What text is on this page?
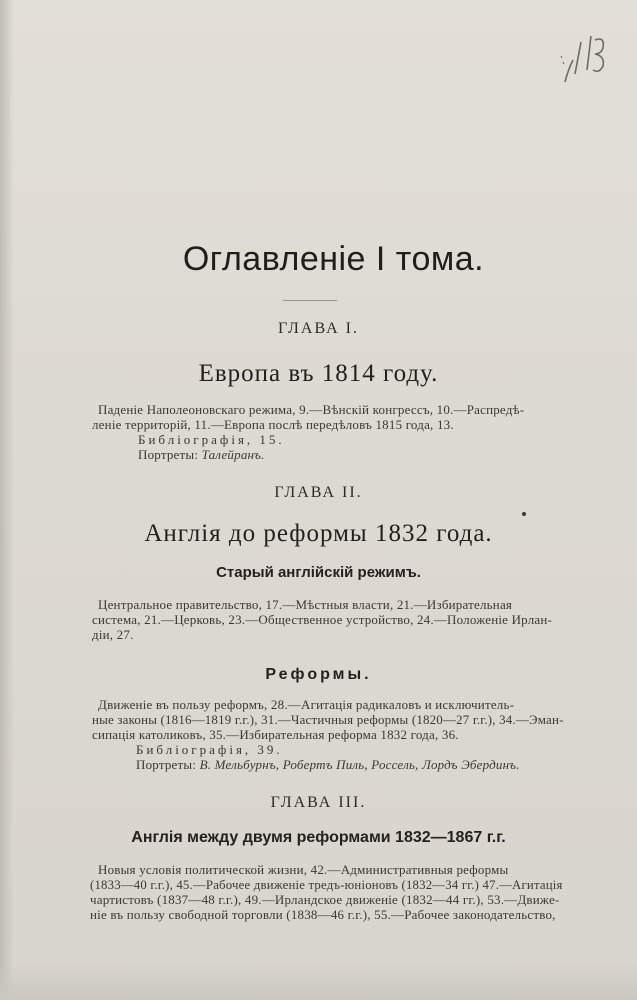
Оглавленіе I тома.
ГЛАВА I.
Европа въ 1814 году.
Паденіе Наполеоновскаго режима, 9.—Вѣнскій конгрессъ, 10.—Распредѣ-
леніе территорій, 11.—Европа послѣ передѣловъ 1815 года, 13.
Библіографія, 15.
Портреты: Талейранъ.
ГЛАВА II.
Англія до реформы 1832 года.
Старый англійскій режимъ.
Центральное правительство, 17.—Мѣстныя власти, 21.—Избирательная
система, 21.—Церковь, 23.—Общественное устройство, 24.—Положеніе Ирлан-
діи, 27.
Реформы.
Движеніе въ пользу реформъ, 28.—Агитація радикаловъ и исключитель-
ные законы (1816—1819 г.г.), 31.—Частичныя реформы (1820—27 г.г.), 34.—Эман-
сипація католиковъ, 35.—Избирательная реформа 1832 года, 36.
Библіографія, 39.
Портреты: В. Мельбурнъ, Робертъ Пиль, Россель, Лордъ Эбердинъ.
ГЛАВА III.
Англія между двумя реформами 1832—1867 г.г.
Новыя условія политической жизни, 42.—Административныя реформы
(1833—40 г.г.), 45.—Рабочее движеніе тредъ-юніоновъ (1832—34 гг.) 47.—Агитація
чартистовъ (1837—48 г.г.), 49.—Ирландское движеніе (1832—44 гг.), 53.—Движе-
ніе въ пользу свободной торговли (1838—46 г.г.), 55.—Рабочее законодательство,
